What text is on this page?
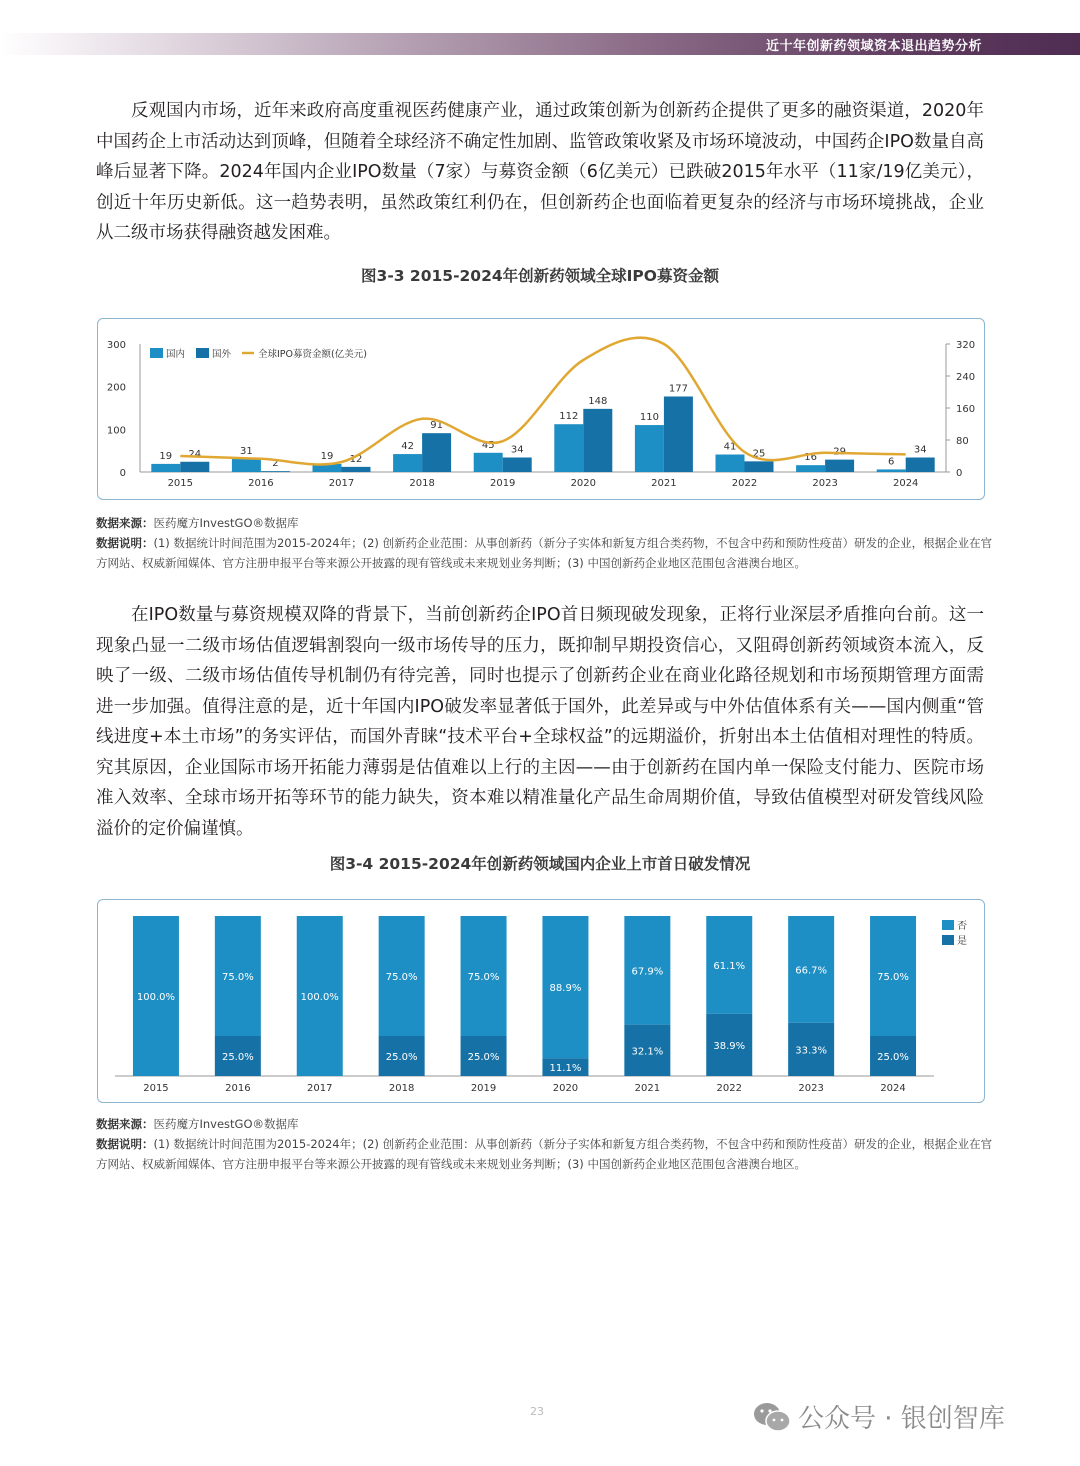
近十年创新药领域资本退出趋势分析

反观国内市场，近年来政府高度重视医药健康产业，通过政策创新为创新药企提供了更多的融资渠道，2020年中国药企上市活动达到顶峰，但随着全球经济不确定性加剧、监管政策收紧及市场环境波动，中国药企IPO数量自高峰后显著下降。2024年国内企业IPO数量（7家）与募资金额（6亿美元）已跌破2015年水平（11家/19亿美元），创近十年历史新低。这一趋势表明，虽然政策红利仍在，但创新药企也面临着更复杂的经济与市场环境挑战，企业从二级市场获得融资越发困难。

图3-3 2015-2024年创新药领域全球IPO募资金额
0
100
200
300
0
80
160
240
320
19 24
2015
31
2
2016
19 12
2017
42
91
2018
45 34
2019
112
148
2020
110
177
2021
41
25
2022
16
29
2023
6
34
2024
国内	国外	全球IPO募资金额(亿美元)
数据来源：医药魔方InvestGO®数据库
数据说明：(1) 数据统计时间范围为2015-2024年；(2) 创新药企业范围：从事创新药（新分子实体和新复方组合类药物，不包含中药和预防性疫苗）研发的企业，根据企业在官方网站、权威新闻媒体、官方注册申报平台等来源公开披露的现有管线或未来规划业务判断；(3) 中国创新药企业地区范围包含港澳台地区。

在IPO数量与募资规模双降的背景下，当前创新药企IPO首日频现破发现象，正将行业深层矛盾推向台前。这一现象凸显一二级市场估值逻辑割裂向一级市场传导的压力，既抑制早期投资信心，又阻碍创新药领域资本流入，反映了一级、二级市场估值传导机制仍有待完善，同时也提示了创新药企业在商业化路径规划和市场预期管理方面需进一步加强。值得注意的是，近十年国内IPO破发率显著低于国外，此差异或与中外估值体系有关——国内侧重“管线进度+本土市场”的务实评估，而国外青睐“技术平台+全球权益”的远期溢价，折射出本土估值相对理性的特质。究其原因，企业国际市场开拓能力薄弱是估值难以上行的主因——由于创新药在国内单一保险支付能力、医院市场准入效率、全球市场开拓等环节的能力缺失，资本难以精准量化产品生命周期价值，导致估值模型对研发管线风险溢价的定价偏谨慎。

图3-4 2015-2024年创新药领域国内企业上市首日破发情况
100.0%
2015
75.0%
25.0%
2016
100.0%
2017
75.0%
25.0%
2018
75.0%
25.0%
2019
88.9%
11.1%
2020
67.9%
32.1%
2021
61.1%
38.9%
2022
66.7%
33.3%
2023
75.0%
25.0%
2024
否
是
数据来源：医药魔方InvestGO®数据库
数据说明：(1) 数据统计时间范围为2015-2024年；(2) 创新药企业范围：从事创新药（新分子实体和新复方组合类药物，不包含中药和预防性疫苗）研发的企业，根据企业在官方网站、权威新闻媒体、官方注册申报平台等来源公开披露的现有管线或未来规划业务判断；(3) 中国创新药企业地区范围包含港澳台地区。
23	公众号 · 银创智库
